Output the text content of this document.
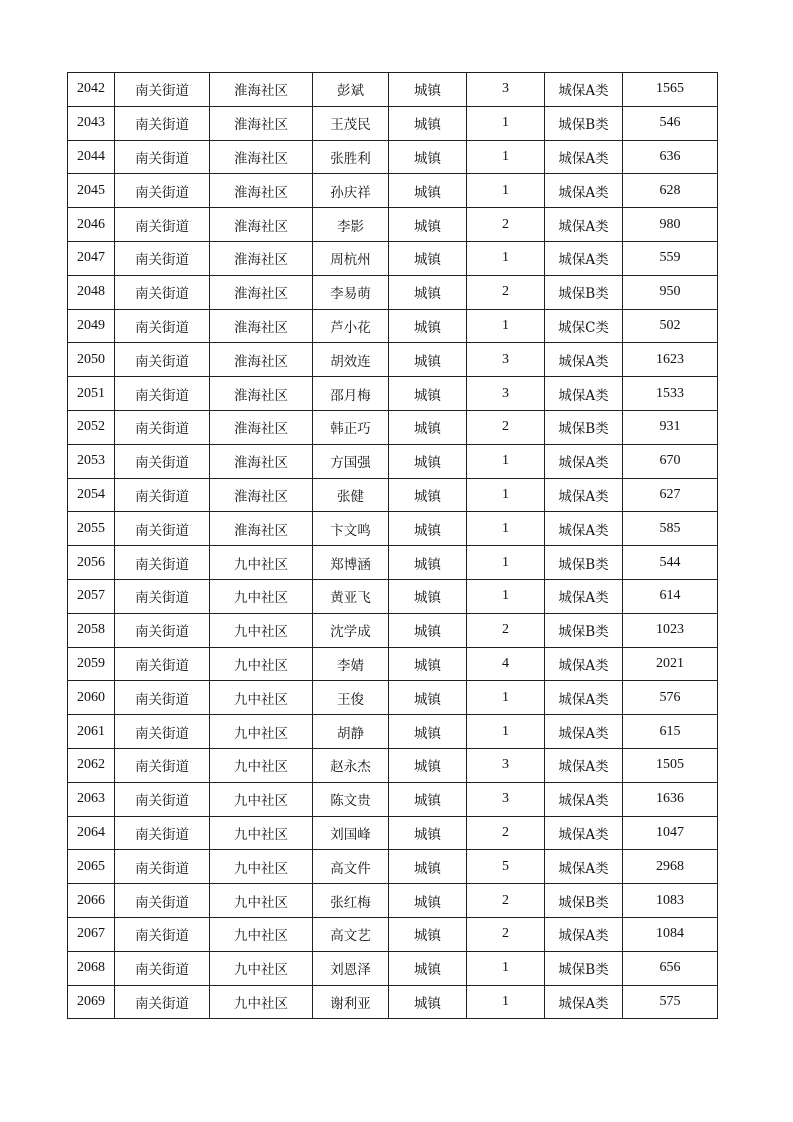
2042	南关街道	淮海社区	彭斌	城镇	3	城保A类	1565
2043	南关街道	淮海社区	王茂民	城镇	1	城保B类	546
2044	南关街道	淮海社区	张胜利	城镇	1	城保A类	636
2045	南关街道	淮海社区	孙庆祥	城镇	1	城保A类	628
2046	南关街道	淮海社区	李影	城镇	2	城保A类	980
2047	南关街道	淮海社区	周杭州	城镇	1	城保A类	559
2048	南关街道	淮海社区	李易萌	城镇	2	城保B类	950
2049	南关街道	淮海社区	芦小花	城镇	1	城保C类	502
2050	南关街道	淮海社区	胡效连	城镇	3	城保A类	1623
2051	南关街道	淮海社区	邵月梅	城镇	3	城保A类	1533
2052	南关街道	淮海社区	韩正巧	城镇	2	城保B类	931
2053	南关街道	淮海社区	方国强	城镇	1	城保A类	670
2054	南关街道	淮海社区	张健	城镇	1	城保A类	627
2055	南关街道	淮海社区	卞文鸣	城镇	1	城保A类	585
2056	南关街道	九中社区	郑博涵	城镇	1	城保B类	544
2057	南关街道	九中社区	黄亚飞	城镇	1	城保A类	614
2058	南关街道	九中社区	沈学成	城镇	2	城保B类	1023
2059	南关街道	九中社区	李婧	城镇	4	城保A类	2021
2060	南关街道	九中社区	王俊	城镇	1	城保A类	576
2061	南关街道	九中社区	胡静	城镇	1	城保A类	615
2062	南关街道	九中社区	赵永杰	城镇	3	城保A类	1505
2063	南关街道	九中社区	陈文贵	城镇	3	城保A类	1636
2064	南关街道	九中社区	刘国峰	城镇	2	城保A类	1047
2065	南关街道	九中社区	高文件	城镇	5	城保A类	2968
2066	南关街道	九中社区	张红梅	城镇	2	城保B类	1083
2067	南关街道	九中社区	高文艺	城镇	2	城保A类	1084
2068	南关街道	九中社区	刘恩泽	城镇	1	城保B类	656
2069	南关街道	九中社区	谢利亚	城镇	1	城保A类	575
